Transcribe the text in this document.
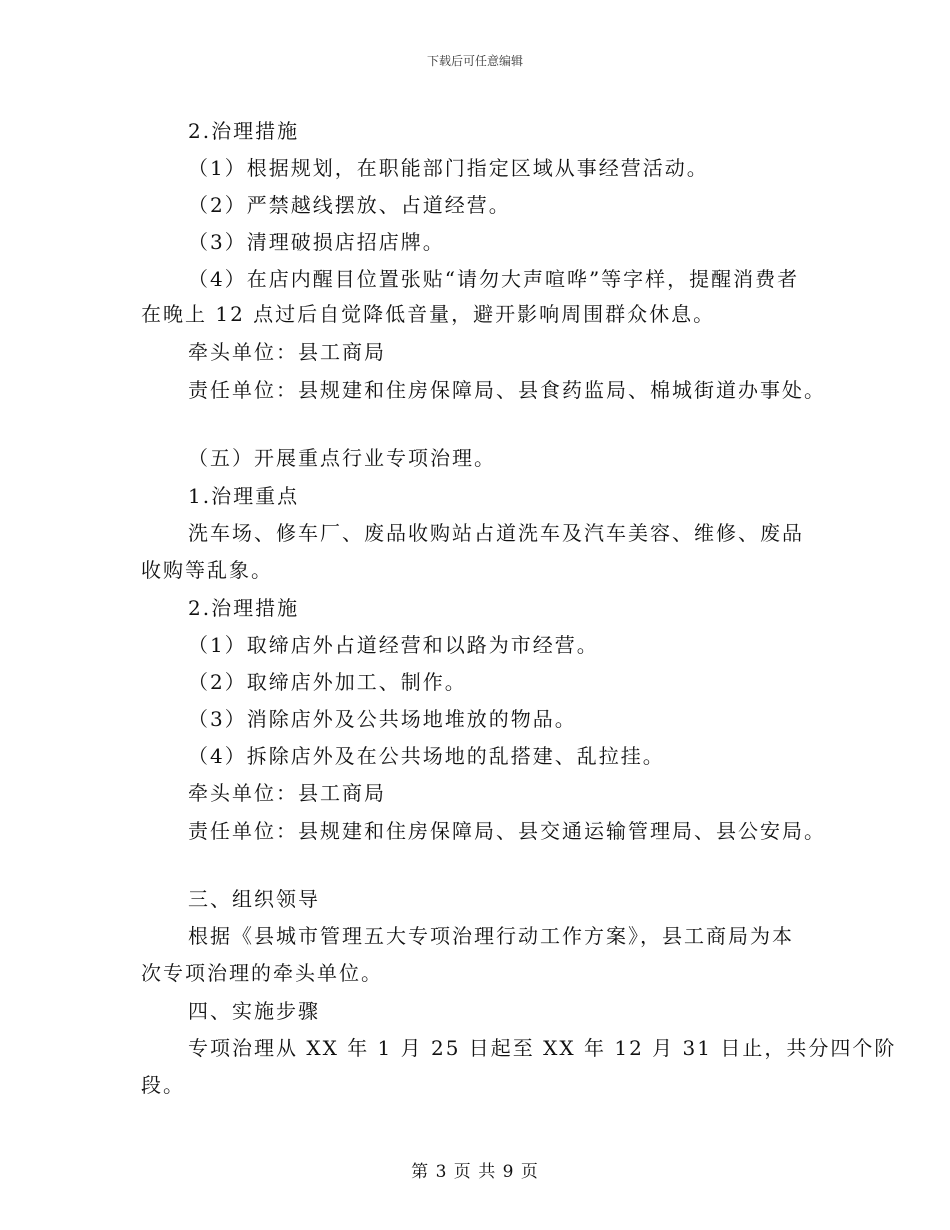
下载后可任意编辑
2.治理措施
（1）根据规划，在职能部门指定区域从事经营活动。
（2）严禁越线摆放、占道经营。
（3）清理破损店招店牌。
（4）在店内醒目位置张贴“请勿大声喧哗”等字样，提醒消费者
在晚上 12 点过后自觉降低音量，避开影响周围群众休息。
牵头单位：县工商局
责任单位：县规建和住房保障局、县食药监局、棉城街道办事处。
（五）开展重点行业专项治理。
1.治理重点
洗车场、修车厂、废品收购站占道洗车及汽车美容、维修、废品
收购等乱象。
2.治理措施
（1）取缔店外占道经营和以路为市经营。
（2）取缔店外加工、制作。
（3）消除店外及公共场地堆放的物品。
（4）拆除店外及在公共场地的乱搭建、乱拉挂。
牵头单位：县工商局
责任单位：县规建和住房保障局、县交通运输管理局、县公安局。
三、组织领导
根据《县城市管理五大专项治理行动工作方案》，县工商局为本
次专项治理的牵头单位。
四、实施步骤
专项治理从 XX 年 1 月 25 日起至 XX 年 12 月 31 日止，共分四个阶
段。
第 3 页 共 9 页
